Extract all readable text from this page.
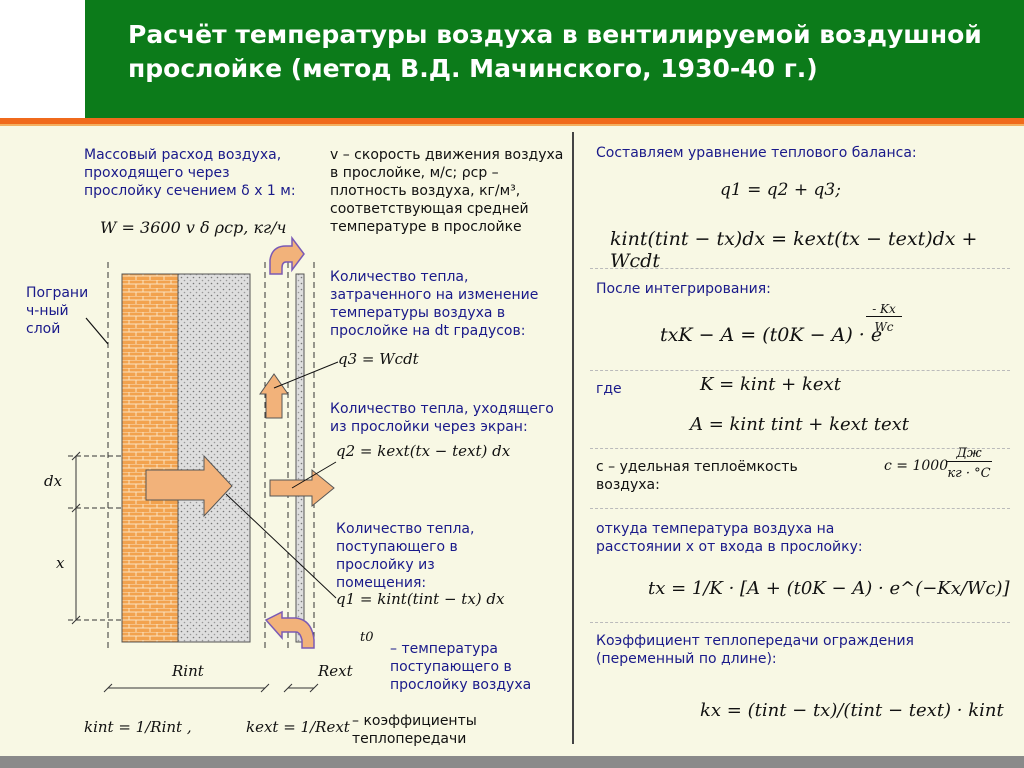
Расчёт температуры воздуха в вентилируемой воздушной прослойке (метод В.Д. Мачинского, 1930-40 г.)
Массовый расход воздуха, проходящего через прослойку сечением δ x 1 м:
W = 3600 v δ ρср, кг/ч
Пограни ч-ный слой
v – скорость движения воздуха в прослойке, м/с; ρср – плотность воздуха, кг/м³, соответствующая средней температуре в прослойке
Количество тепла, затраченного на изменение температуры воздуха в прослойке на dt градусов:
q3 = Wcdt
Количество тепла, уходящего из прослойки через экран:
q2 = kext(tx − text) dx
Количество тепла, поступающего в прослойку из помещения:
q1 = kint(tint − tx) dx
t0
– температура поступающего в прослойку воздуха
dx
x
Rint	Rext
kint = 1/Rint ,	kext = 1/Rext – коэффициенты теплопередачи
Составляем уравнение теплового баланса:
q1 = q2 + q3;
kint(tint − tx)dx = kext(tx − text)dx + Wcdt
После интегрирования:
txK − A = (t0K − A) · e
- Kx
Wc
где	K = kint + kext
A = kint tint + kext text
с – удельная теплоёмкость воздуха:
c = 1000
Дж
кг · °C
откуда температура воздуха на расстоянии x от входа в прослойку:
tx = 1/K · [A + (t0K − A) · e^(−Kx/Wc)]
Коэффициент теплопередачи ограждения (переменный по длине):
kx = (tint − tx)/(tint − text) · kint
